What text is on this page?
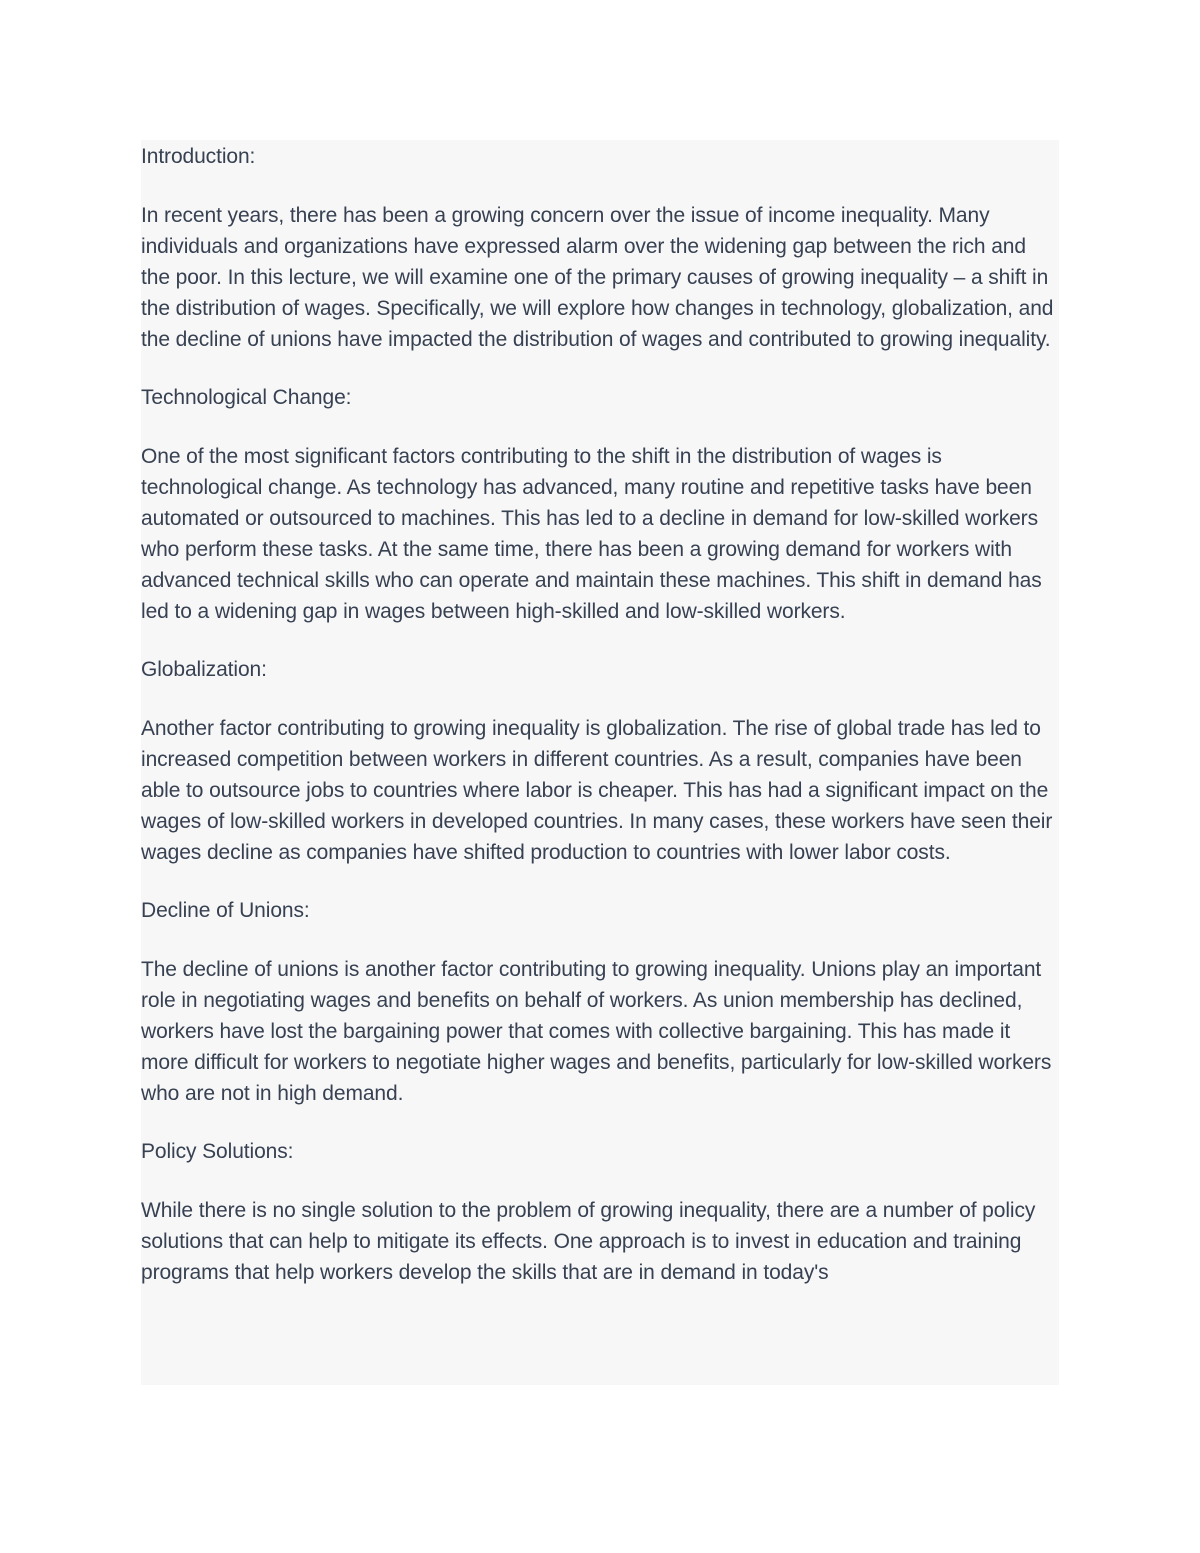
Introduction:

In recent years, there has been a growing concern over the issue of income inequality. Many individuals and organizations have expressed alarm over the widening gap between the rich and the poor. In this lecture, we will examine one of the primary causes of growing inequality – a shift in the distribution of wages. Specifically, we will explore how changes in technology, globalization, and the decline of unions have impacted the distribution of wages and contributed to growing inequality.

Technological Change:

One of the most significant factors contributing to the shift in the distribution of wages is technological change. As technology has advanced, many routine and repetitive tasks have been automated or outsourced to machines. This has led to a decline in demand for low-skilled workers who perform these tasks. At the same time, there has been a growing demand for workers with advanced technical skills who can operate and maintain these machines. This shift in demand has led to a widening gap in wages between high-skilled and low-skilled workers.

Globalization:

Another factor contributing to growing inequality is globalization. The rise of global trade has led to increased competition between workers in different countries. As a result, companies have been able to outsource jobs to countries where labor is cheaper. This has had a significant impact on the wages of low-skilled workers in developed countries. In many cases, these workers have seen their wages decline as companies have shifted production to countries with lower labor costs.

Decline of Unions:

The decline of unions is another factor contributing to growing inequality. Unions play an important role in negotiating wages and benefits on behalf of workers. As union membership has declined, workers have lost the bargaining power that comes with collective bargaining. This has made it more difficult for workers to negotiate higher wages and benefits, particularly for low-skilled workers who are not in high demand.

Policy Solutions:

While there is no single solution to the problem of growing inequality, there are a number of policy solutions that can help to mitigate its effects. One approach is to invest in education and training programs that help workers develop the skills that are in demand in today's
